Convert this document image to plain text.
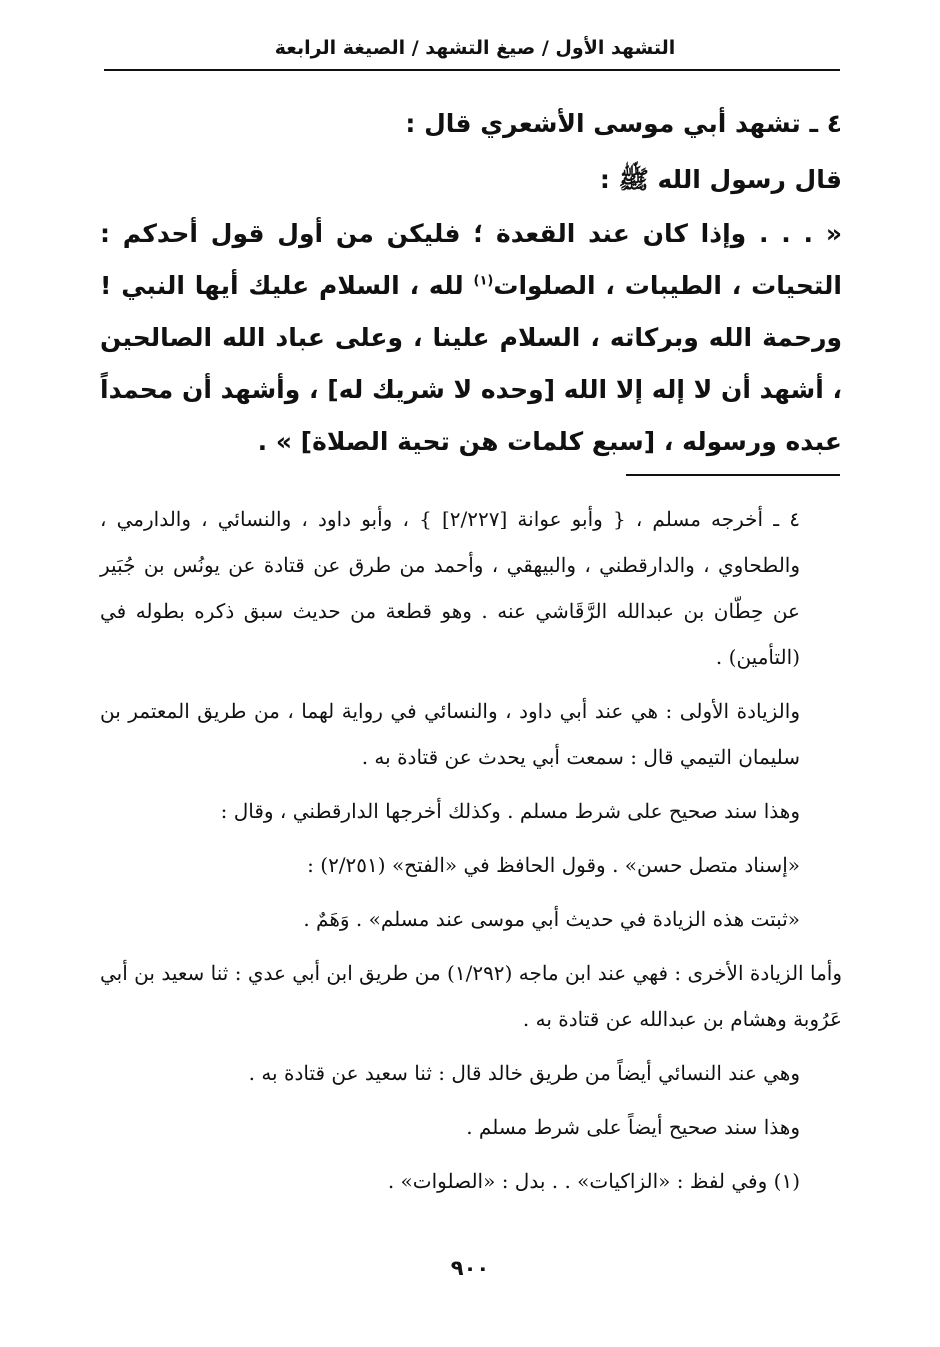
التشهد الأول / صيغ التشهد / الصيغة الرابعة
٤ ـ تشهد أبي موسى الأشعري قال :
قال رسول الله ﷺ :
« . . . وإذا كان عند القعدة ؛ فليكن من أول قول أحدكم : التحيات ، الطيبات ، الصلوات$^{(١)}$ لله ، السلام عليك أيها النبي ! ورحمة الله وبركاته ، السلام علينا ، وعلى عباد الله الصالحين ، أشهد أن لا إله إلا الله [وحده لا شريك له] ، وأشهد أن محمداً عبده ورسوله ، [سبع كلمات هن تحية الصلاة] » .

٤ ـ أخرجه مسلم ، { وأبو عوانة [٢/٢٢٧] } ، وأبو داود ، والنسائي ، والدارمي ، والطحاوي ، والدارقطني ، والبيهقي ، وأحمد من طرق عن قتادة عن يونُس بن جُبَير عن حِطّان بن عبدالله الرَّقَاشي عنه . وهو قطعة من حديث سبق ذكره بطوله في (التأمين) .

والزيادة الأولى : هي عند أبي داود ، والنسائي في رواية لهما ، من طريق المعتمر بن سليمان التيمي قال : سمعت أبي يحدث عن قتادة به .

وهذا سند صحيح على شرط مسلم . وكذلك أخرجها الدارقطني ، وقال :

«إسناد متصل حسن» . وقول الحافظ في «الفتح» (٢/٢٥١) :

«ثبتت هذه الزيادة في حديث أبي موسى عند مسلم» . وَهَمٌ .

وأما الزيادة الأخرى : فهي عند ابن ماجه (١/٢٩٢) من طريق ابن أبي عدي : ثنا سعيد بن أبي عَرُوبة وهشام بن عبدالله عن قتادة به .

وهي عند النسائي أيضاً من طريق خالد قال : ثنا سعيد عن قتادة به .

وهذا سند صحيح أيضاً على شرط مسلم .

(١) وفي لفظ : «الزاكيات» . . بدل : «الصلوات» .

٩٠٠
